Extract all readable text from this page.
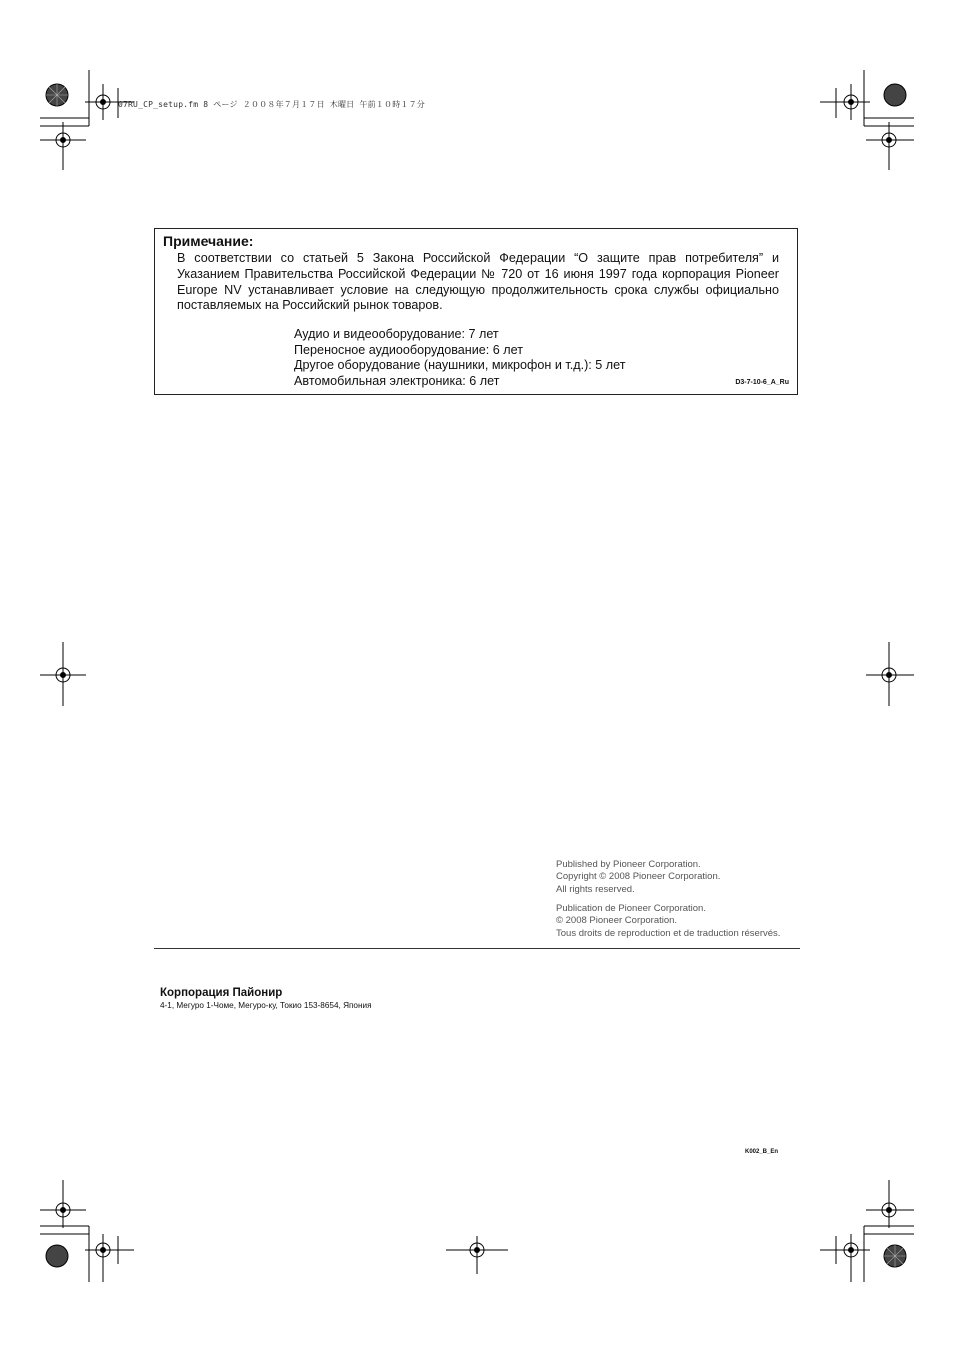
07RU_CP_setup.fm 8 ページ ２００８年７月１７日 木曜日 午前１０時１７分
Примечание:
В соответствии со статьей 5 Закона Российской Федерации “О защите прав потребителя” и Указанием Правительства Российской Федерации № 720 от 16 июня 1997 года корпорация Pioneer Europe NV устанавливает условие на следующую продолжительность срока службы официально поставляемых на Российский рынок товаров.
Аудио и видеооборудование: 7 лет
Переносное аудиооборудование: 6 лет
Другое оборудование (наушники, микрофон и т.д.): 5 лет
Автомобильная электроника: 6 лет	D3-7-10-6_A_Ru
Published by Pioneer Corporation.
Copyright © 2008 Pioneer Corporation.
All rights reserved.
Publication de Pioneer Corporation.
© 2008 Pioneer Corporation.
Tous droits de reproduction et de traduction réservés.
Корпорация Пайонир
4-1, Мегуро 1-Чоме, Мегуро-ку, Токио 153-8654, Япония
K002_B_En
